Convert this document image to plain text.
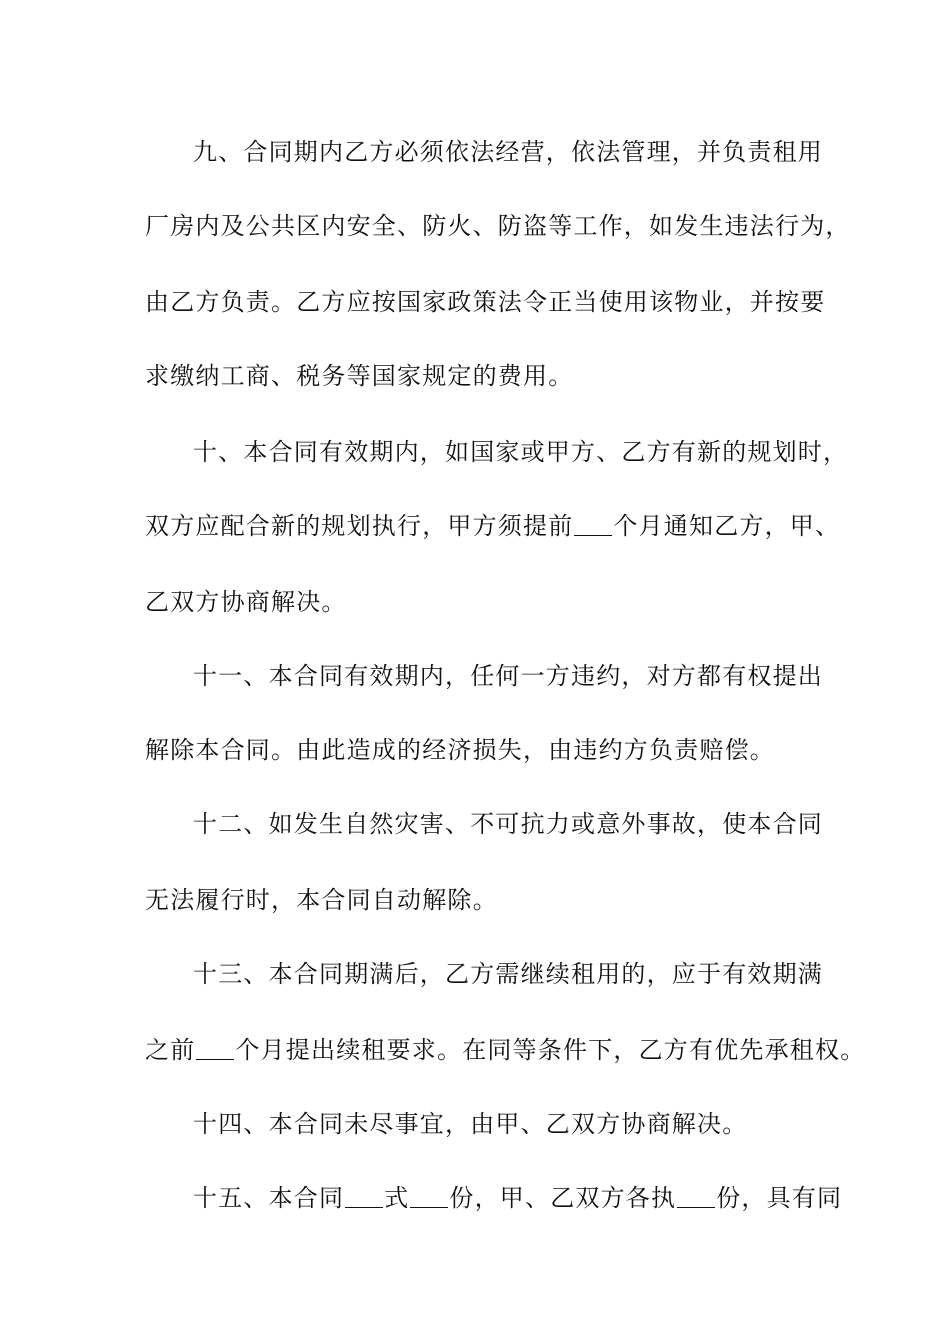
九、合同期内乙方必须依法经营，依法管理，并负责租用
厂房内及公共区内安全、防火、防盗等工作，如发生违法行为，
由乙方负责。乙方应按国家政策法令正当使用该物业，并按要
求缴纳工商、税务等国家规定的费用。
十、本合同有效期内，如国家或甲方、乙方有新的规划时，
双方应配合新的规划执行，甲方须提前 个月通知乙方，甲、
乙双方协商解决。
十一、本合同有效期内，任何一方违约，对方都有权提出
解除本合同。由此造成的经济损失，由违约方负责赔偿。
十二、如发生自然灾害、不可抗力或意外事故，使本合同
无法履行时，本合同自动解除。
十三、本合同期满后，乙方需继续租用的，应于有效期满
之前 个月提出续租要求。在同等条件下，乙方有优先承租权。
十四、本合同未尽事宜，由甲、乙双方协商解决。
十五、本合同 式 份，甲、乙双方各执 份，具有同
